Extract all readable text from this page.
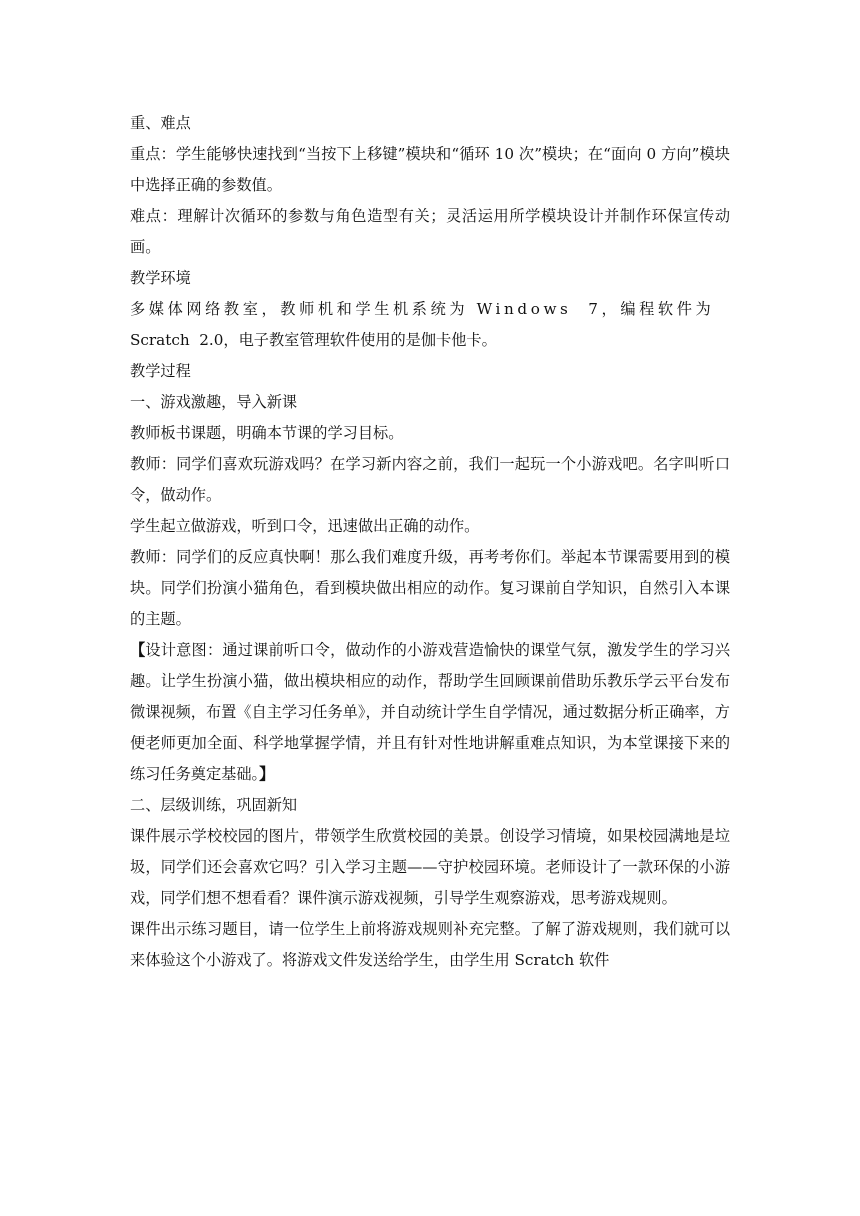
重、难点

重点：学生能够快速找到“当按下上移键”模块和“循环 10 次”模块；在“面向 0 方向”模块中选择正确的参数值。

难点：理解计次循环的参数与角色造型有关；灵活运用所学模块设计并制作环保宣传动画。

教学环境

多媒体网络教室，教师机和学生机系统为 Windows  7，编程软件为

Scratch  2.0，电子教室管理软件使用的是伽卡他卡。

教学过程

一、游戏激趣，导入新课

教师板书课题，明确本节课的学习目标。

教师：同学们喜欢玩游戏吗？在学习新内容之前，我们一起玩一个小游戏吧。名字叫听口令，做动作。

学生起立做游戏，听到口令，迅速做出正确的动作。

教师：同学们的反应真快啊！那么我们难度升级，再考考你们。举起本节课需要用到的模块。同学们扮演小猫角色，看到模块做出相应的动作。复习课前自学知识，自然引入本课的主题。

【设计意图：通过课前听口令，做动作的小游戏营造愉快的课堂气氛，激发学生的学习兴趣。让学生扮演小猫，做出模块相应的动作，帮助学生回顾课前借助乐教乐学云平台发布微课视频，布置《自主学习任务单》，并自动统计学生自学情况，通过数据分析正确率，方便老师更加全面、科学地掌握学情，并且有针对性地讲解重难点知识，为本堂课接下来的练习任务奠定基础。】

二、层级训练，巩固新知

课件展示学校校园的图片，带领学生欣赏校园的美景。创设学习情境，如果校园满地是垃圾，同学们还会喜欢它吗？引入学习主题——守护校园环境。老师设计了一款环保的小游戏，同学们想不想看看？课件演示游戏视频，引导学生观察游戏，思考游戏规则。

课件出示练习题目，请一位学生上前将游戏规则补充完整。了解了游戏规则，我们就可以来体验这个小游戏了。将游戏文件发送给学生，由学生用 Scratch 软件
